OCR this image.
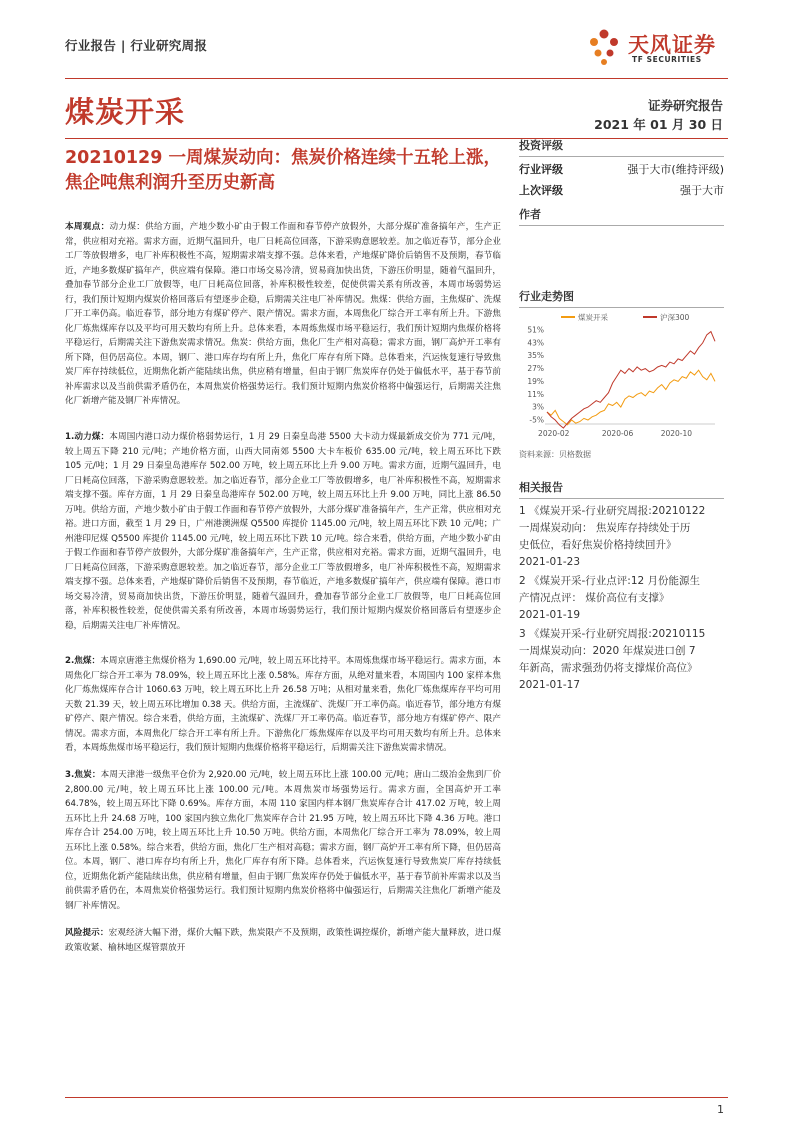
行业报告 | 行业研究周报	天风证券
TF SECURITIES
煤炭开采	证券研究报告
2021 年 01 月 30 日
20210129 一周煤炭动向：焦炭价格连续十五轮上涨，
焦企吨焦利润升至历史新高
投资评级
行业评级	强于大市(维持评级)
上次评级	强于大市
作者
行业走势图
煤炭开采	沪深300
51%
43%
35%
27%
19%
11%
3%
-5%
2020-02	2020-06	2020-10
资料来源：贝格数据
相关报告
1 《煤炭开采-行业研究周报:20210122
一周煤炭动向： 焦炭库存持续处于历
史低位，看好焦炭价格持续回升》
2021-01-23
2 《煤炭开采-行业点评:12 月份能源生
产情况点评： 煤价高位有支撑》
2021-01-19
3 《煤炭开采-行业研究周报:20210115
一周煤炭动向：2020 年煤炭进口创 7
年新高，需求强劲仍将支撑煤价高位》
2021-01-17
本周观点：动力煤：供给方面，产地少数小矿由于假工作面和春节停产放假外，大部分煤矿准备搞年产，生产正常，供应相对充裕。需求方面，近期气温回升，电厂日耗高位回落，下游采购意愿较差。加之临近春节，部分企业工厂等放假增多，电厂补库积极性不高，短期需求端支撑不强。总体来看，产地煤矿降价后销售不及预期，春节临近，产地多数煤矿搞年产，供应端有保障。港口市场交易冷清，贸易商加快出货，下游压价明显，随着气温回升，叠加春节部分企业工厂放假等，电厂日耗高位回落，补库积极性较差，促使供需关系有所改善，本周市场弱势运行，我们预计短期内煤炭价格回落后有望逐步企稳，后期需关注电厂补库情况。焦煤：供给方面，主焦煤矿、洗煤厂开工率仍高。临近春节，部分地方有煤矿停产、限产情况。需求方面，本周焦化厂综合开工率有所上升。下游焦化厂炼焦煤库存以及平均可用天数均有所上升。总体来看，本周炼焦煤市场平稳运行，我们预计短期内焦煤价格将平稳运行，后期需关注下游焦炭需求情况。焦炭：供给方面，焦化厂生产相对高稳；需求方面，钢厂高炉开工率有所下降，但仍居高位。本周，钢厂、港口库存均有所上升，焦化厂库存有所下降。总体看来，汽运恢复速行导致焦炭厂库存持续低位，近期焦化新产能陆续出焦，供应稍有增量，但由于钢厂焦炭库存仍处于偏低水平，基于春节前补库需求以及当前供需矛盾仍在，本周焦炭价格强势运行。我们预计短期内焦炭价格将中偏强运行，后期需关注焦化厂新增产能及钢厂补库情况。
1.动力煤：本周国内港口动力煤价格弱势运行，1 月 29 日秦皇岛港 5500 大卡动力煤最新成交价为 771 元/吨，较上周五下降 210 元/吨；产地价格方面，山西大同南郊 5500 大卡车板价 635.00 元/吨，较上周五环比下跌 105 元/吨；1 月 29 日秦皇岛港库存 502.00 万吨，较上周五环比上升 9.00 万吨。需求方面，近期气温回升，电厂日耗高位回落，下游采购意愿较差。加之临近春节，部分企业工厂等放假增多，电厂补库积极性不高，短期需求端支撑不强。库存方面，1 月 29 日秦皇岛港库存 502.00 万吨，较上周五环比上升 9.00 万吨，同比上涨 86.50 万吨。供给方面，产地少数小矿由于假工作面和春节停产放假外，大部分煤矿准备搞年产，生产正常，供应相对充裕。进口方面，截至 1 月 29 日，广州港澳洲煤 Q5500 库提价 1145.00 元/吨，较上周五环比下跌 10 元/吨；广州港印尼煤 Q5500 库提价 1145.00 元/吨，较上周五环比下跌 10 元/吨。综合来看，供给方面，产地少数小矿由于假工作面和春节停产放假外，大部分煤矿准备搞年产，生产正常，供应相对充裕。需求方面，近期气温回升，电厂日耗高位回落，下游采购意愿较差。加之临近春节，部分企业工厂等放假增多，电厂补库积极性不高，短期需求端支撑不强。总体来看，产地煤矿降价后销售不及预期，春节临近，产地多数煤矿搞年产，供应端有保障。港口市场交易冷清，贸易商加快出货，下游压价明显，随着气温回升，叠加春节部分企业工厂放假等，电厂日耗高位回落，补库积极性较差，促使供需关系有所改善，本周市场弱势运行，我们预计短期内煤炭价格回落后有望逐步企稳，后期需关注电厂补库情况。
2.焦煤：本周京唐港主焦煤价格为 1,690.00 元/吨，较上周五环比持平。本周炼焦煤市场平稳运行。需求方面，本周焦化厂综合开工率为 78.09%，较上周五环比上涨 0.58%。库存方面，从绝对量来看，本周国内 100 家样本焦化厂炼焦煤库存合计 1060.63 万吨，较上周五环比上升 26.58 万吨；从相对量来看，焦化厂炼焦煤库存平均可用天数 21.39 天，较上周五环比增加 0.38 天。供给方面，主流煤矿、洗煤厂开工率仍高。临近春节，部分地方有煤矿停产、限产情况。综合来看，供给方面，主流煤矿、洗煤厂开工率仍高。临近春节，部分地方有煤矿停产、限产情况。需求方面，本周焦化厂综合开工率有所上升。下游焦化厂炼焦煤库存以及平均可用天数均有所上升。总体来看，本周炼焦煤市场平稳运行，我们预计短期内焦煤价格将平稳运行，后期需关注下游焦炭需求情况。
3.焦炭：本周天津港一级焦平仓价为 2,920.00 元/吨，较上周五环比上涨 100.00 元/吨；唐山二级冶金焦到厂价 2,800.00 元/吨，较上周五环比上涨 100.00 元/吨。本周焦炭市场强势运行。需求方面，全国高炉开工率 64.78%，较上周五环比下降 0.69%。库存方面，本周 110 家国内样本钢厂焦炭库存合计 417.02 万吨，较上周五环比上升 24.68 万吨，100 家国内独立焦化厂焦炭库存合计 21.95 万吨，较上周五环比下降 4.36 万吨。港口库存合计 254.00 万吨，较上周五环比上升 10.50 万吨。供给方面，本周焦化厂综合开工率为 78.09%，较上周五环比上涨 0.58%。综合来看，供给方面，焦化厂生产相对高稳；需求方面，钢厂高炉开工率有所下降，但仍居高位。本周，钢厂、港口库存均有所上升，焦化厂库存有所下降。总体看来，汽运恢复速行导致焦炭厂库存持续低位，近期焦化新产能陆续出焦，供应稍有增量，但由于钢厂焦炭库存仍处于偏低水平，基于春节前补库需求以及当前供需矛盾仍在，本周焦炭价格强势运行。我们预计短期内焦炭价格将中偏强运行，后期需关注焦化厂新增产能及钢厂补库情况。
风险提示：宏观经济大幅下滑，煤价大幅下跌，焦炭限产不及预期，政策性调控煤价，新增产能大量释放，进口煤政策收紧、榆林地区煤管票放开
1
